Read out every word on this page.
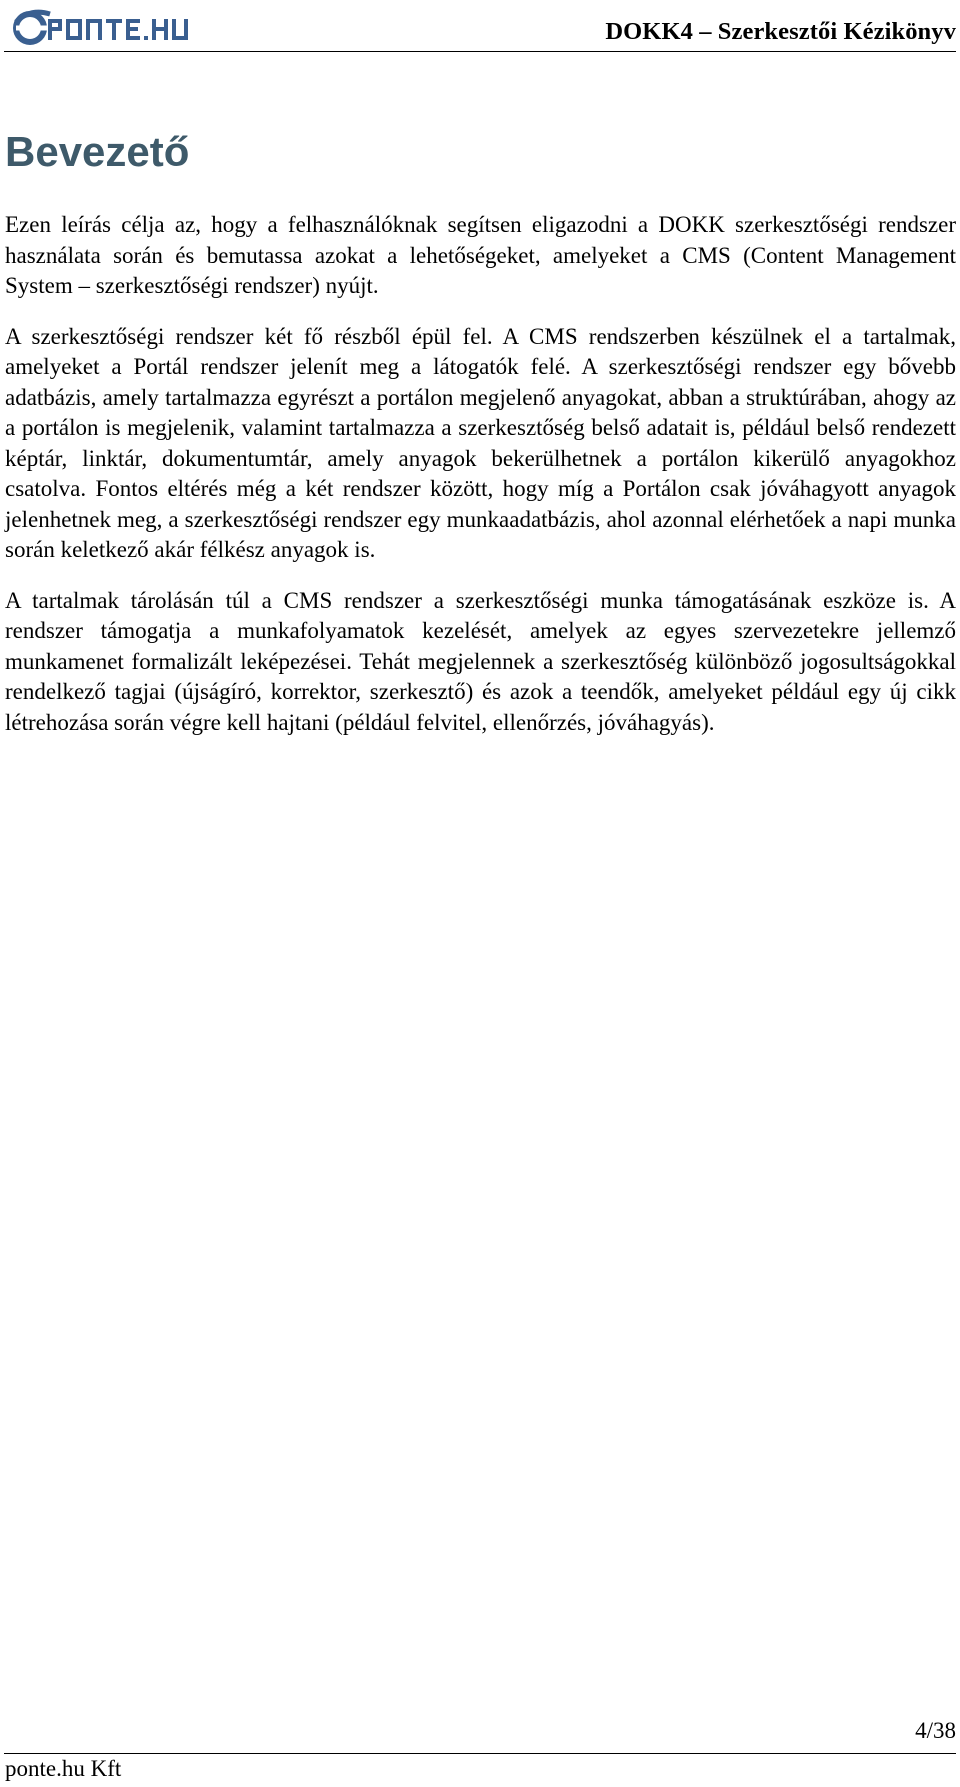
DOKK4 – Szerkesztői Kézikönyv
Bevezető

Ezen leírás célja az, hogy a felhasználóknak segítsen eligazodni a DOKK szerkesztőségi rendszer használata során és bemutassa azokat a lehetőségeket, amelyeket a CMS (Content Management System – szerkesztőségi rendszer) nyújt.

A szerkesztőségi rendszer két fő részből épül fel. A CMS rendszerben készülnek el a tartalmak, amelyeket a Portál rendszer jelenít meg a látogatók felé. A szerkesztőségi rendszer egy bővebb adatbázis, amely tartalmazza egyrészt a portálon megjelenő anyagokat, abban a struktúrában, ahogy az a portálon is megjelenik, valamint tartalmazza a szerkesztőség belső adatait is, például belső rendezett képtár, linktár, dokumentumtár, amely anyagok bekerülhetnek a portálon kikerülő anyagokhoz csatolva. Fontos eltérés még a két rendszer között, hogy míg a Portálon csak jóváhagyott anyagok jelenhetnek meg, a szerkesztőségi rendszer egy munkaadatbázis, ahol azonnal elérhetőek a napi munka során keletkező akár félkész anyagok is.

A tartalmak tárolásán túl a CMS rendszer a szerkesztőségi munka támogatásának eszköze is. A rendszer támogatja a munkafolyamatok kezelését, amelyek az egyes szervezetekre jellemző munkamenet formalizált leképezései. Tehát megjelennek a szerkesztőség különböző jogosultságokkal rendelkező tagjai (újságíró, korrektor, szerkesztő) és azok a teendők, amelyeket például egy új cikk létrehozása során végre kell hajtani (például felvitel, ellenőrzés, jóváhagyás).

4/38
ponte.hu Kft
